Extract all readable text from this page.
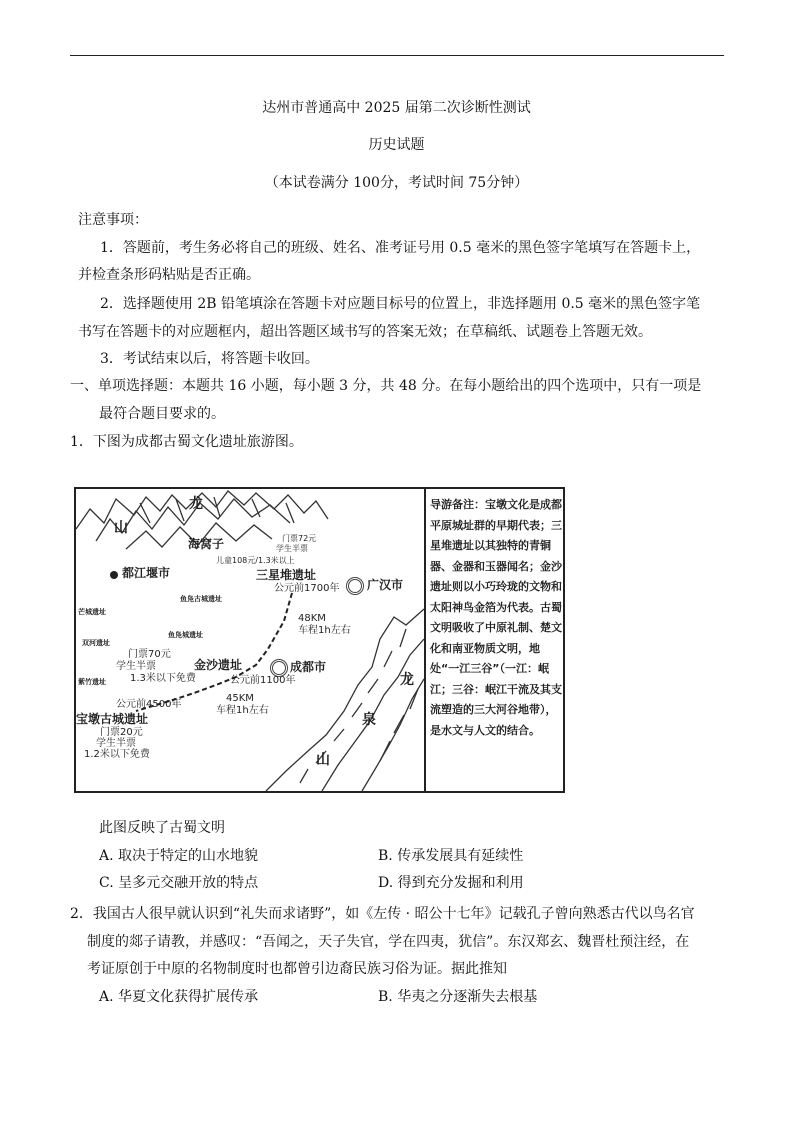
达州市普通高中 2025 届第二次诊断性测试
历史试题
（本试卷满分 100分，考试时间 75分钟）
注意事项：
1．答题前，考生务必将自己的班级、姓名、准考证号用 0.5 毫米的黑色签字笔填写在答题卡上，
并检查条形码粘贴是否正确。
2．选择题使用 2B 铅笔填涂在答题卡对应题目标号的位置上，非选择题用 0.5 毫米的黑色签字笔
书写在答题卡的对应题框内，超出答题区域书写的答案无效；在草稿纸、试题卷上答题无效。
3．考试结束以后，将答题卡收回。
一、单项选择题：本题共 16 小题，每小题 3 分，共 48 分。在每小题给出的四个选项中，只有一项是
最符合题目要求的。
1．下图为成都古蜀文化遗址旅游图。
龙
山
海窝子
都江堰市
鱼凫古城遗址
芒城遗址
鱼凫城遗址
双河遗址
紫竹遗址
门票72元
学生半票
儿童108元/1.3米以上
三星堆遗址
公元前1700年 广汉市
48KM
车程1h左右
门票70元
学生半票	金沙遗址
1.3米以下免费
成都市
公元前1100年
公元前4500年
45KM
车程1h左右
宝墩古城遗址
门票20元
学生半票
1.2米以下免费
龙
泉
山
导游备注：宝墩文化是成都平原城址群的早期代表；三星堆遗址以其独特的青铜器、金器和玉器闻名；金沙遗址则以小巧玲珑的文物和太阳神鸟金箔为代表。古蜀文明吸收了中原礼制、楚文化和南亚物质文明，地处“一江三谷”（一江：岷江；三谷：岷江干流及其支流塑造的三大河谷地带），是水文与人文的结合。
此图反映了古蜀文明
A. 取决于特定的山水地貌	B. 传承发展具有延续性
C. 呈多元交融开放的特点	D. 得到充分发掘和利用
2．我国古人很早就认识到“礼失而求诸野”，如《左传 · 昭公十七年》记载孔子曾向熟悉古代以鸟名官
制度的郯子请教，并感叹：“吾闻之，天子失官，学在四夷，犹信”。东汉郑玄、魏晋杜预注经，在
考证原创于中原的名物制度时也都曾引边裔民族习俗为证。据此推知
A. 华夏文化获得扩展传承	B. 华夷之分逐渐失去根基
